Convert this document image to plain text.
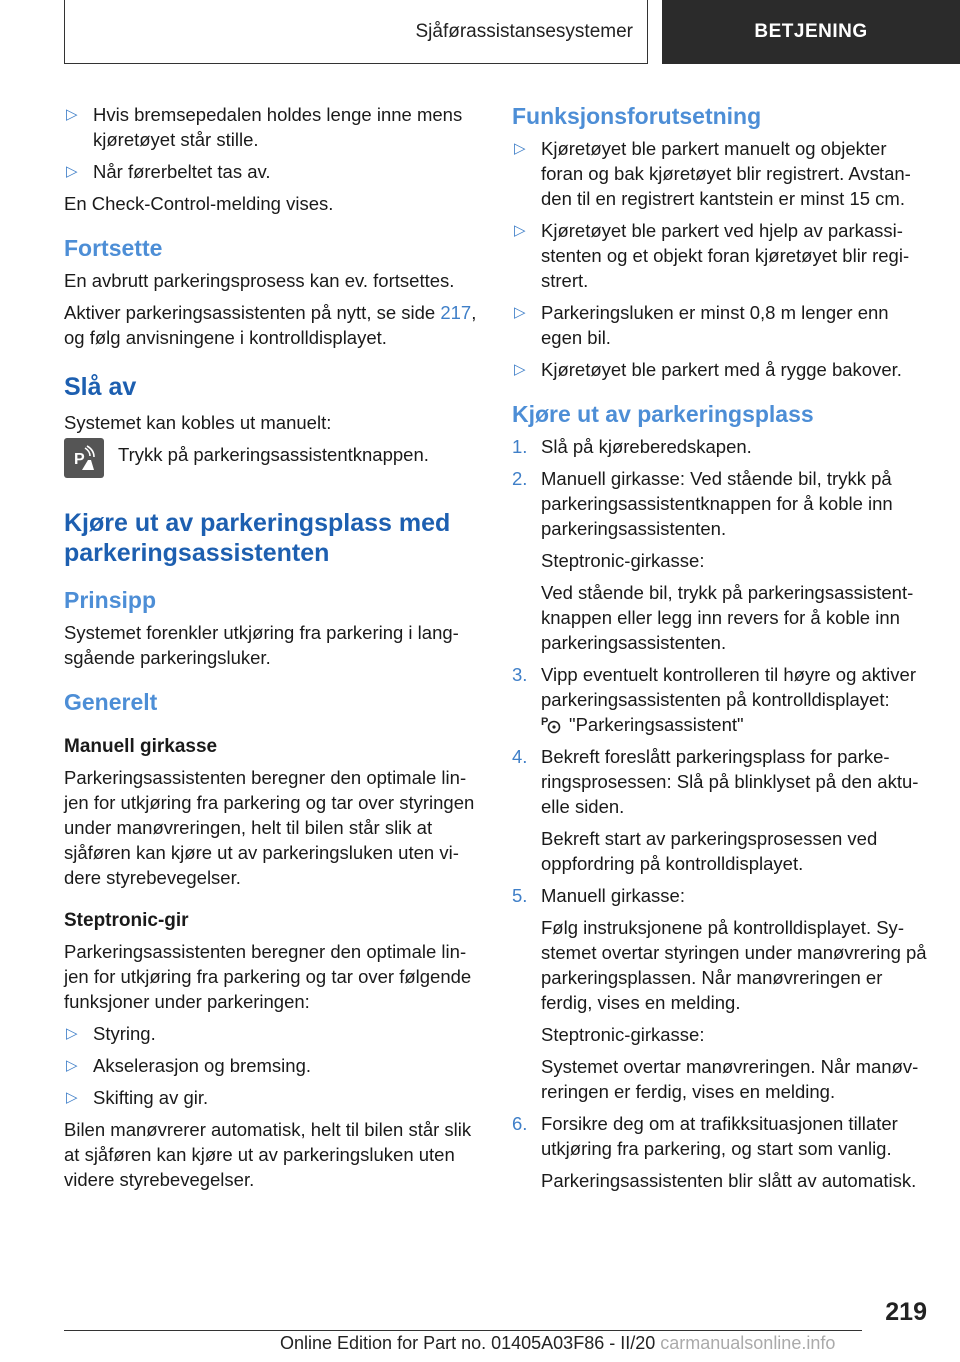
Sjåførassistansesystemer	BETJENING
▷ Hvis bremsepedalen holdes lenge inne mens kjøretøyet står stille.
▷ Når førerbeltet tas av.

En Check-Control-melding vises.

Fortsette

En avbrutt parkeringsprosess kan ev. fortsettes.

Aktiver parkeringsassistenten på nytt, se side 217, og følg anvisningene i kontrolldisplayet.

Slå av

Systemet kan kobles ut manuelt:

P Trykk på parkeringsassistentknappen.
Kjøre ut av parkeringsplass med parkeringsassistenten
Prinsipp

Systemet forenkler utkjøring fra parkering i langsgående parkeringsluker.

Generelt
Manuell girkasse

Parkeringsassistenten beregner den optimale linjen for utkjøring fra parkering og tar over styringen under manøvreringen, helt til bilen står slik at sjåføren kan kjøre ut av parkeringsluken uten videre styrebevegelser.

Steptronic-gir

Parkeringsassistenten beregner den optimale linjen for utkjøring fra parkering og tar over følgende funksjoner under parkeringen:

▷ Styring.
▷ Akselerasjon og bremsing.
▷ Skifting av gir.

Bilen manøvrerer automatisk, helt til bilen står slik at sjåføren kan kjøre ut av parkeringsluken uten videre styrebevegelser.

Funksjonsforutsetning
▷ Kjøretøyet ble parkert manuelt og objekter foran og bak kjøretøyet blir registrert. Avstanden til en registrert kantstein er minst 15 cm.
▷ Kjøretøyet ble parkert ved hjelp av parkassistenten og et objekt foran kjøretøyet blir registrert.
▷ Parkeringsluken er minst 0,8 m lenger enn egen bil.
▷ Kjøretøyet ble parkert med å rygge bakover.
Kjøre ut av parkeringsplass
1. Slå på kjøreberedskapen.
2. Manuell girkasse: Ved stående bil, trykk på parkeringsassistentknappen for å koble inn parkeringsassistenten.
Steptronic-girkasse:
Ved stående bil, trykk på parkeringsassistentknappen eller legg inn revers for å koble inn parkeringsassistenten.
3. Vipp eventuelt kontrolleren til høyre og aktiver parkeringsassistenten på kontrolldisplayet:
P "Parkeringsassistent"
4. Bekreft foreslått parkeringsplass for parkeringsprosessen: Slå på blinklyset på den aktuelle siden.
Bekreft start av parkeringsprosessen ved oppfordring på kontrolldisplayet.
5. Manuell girkasse:
Følg instruksjonene på kontrolldisplayet. Systemet overtar styringen under manøvrering på parkeringsplassen. Når manøvreringen er ferdig, vises en melding.
Steptronic-girkasse:
Systemet overtar manøvreringen. Når manøvreringen er ferdig, vises en melding.
6. Forsikre deg om at trafikksituasjonen tillater utkjøring fra parkering, og start som vanlig.
Parkeringsassistenten blir slått av automatisk.
219
Online Edition for Part no. 01405A03F86 - II/20 carmanualsonline.info
